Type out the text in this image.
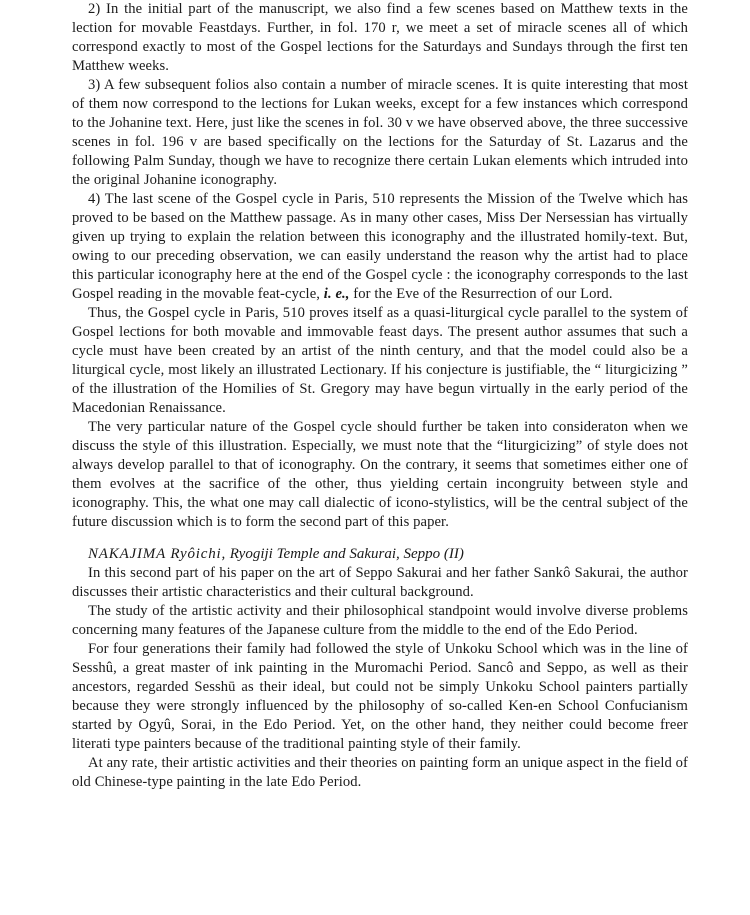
2) In the initial part of the manuscript, we also find a few scenes based on Matthew texts in the lection for movable Feastdays. Further, in fol. 170 r, we meet a set of miracle scenes all of which correspond exactly to most of the Gospel lections for the Saturdays and Sundays through the first ten Matthew weeks.

3) A few subsequent folios also contain a number of miracle scenes. It is quite interesting that most of them now correspond to the lections for Lukan weeks, except for a few instances which correspond to the Johanine text. Here, just like the scenes in fol. 30 v we have observed above, the three successive scenes in fol. 196 v are based specifically on the lections for the Saturday of St. Lazarus and the following Palm Sunday, though we have to recognize there certain Lukan elements which intruded into the original Johanine iconography.

4) The last scene of the Gospel cycle in Paris, 510 represents the Mission of the Twelve which has proved to be based on the Matthew passage. As in many other cases, Miss Der Nersessian has virtually given up trying to explain the relation between this iconography and the illustrated homily-text. But, owing to our preceding observation, we can easily understand the reason why the artist had to place this particular iconography here at the end of the Gospel cycle : the iconography corresponds to the last Gospel reading in the movable feat-cycle, i. e., for the Eve of the Resurrection of our Lord.

Thus, the Gospel cycle in Paris, 510 proves itself as a quasi-liturgical cycle parallel to the system of Gospel lections for both movable and immovable feast days. The present author assumes that such a cycle must have been created by an artist of the ninth century, and that the model could also be a liturgical cycle, most likely an illustrated Lectionary. If his conjecture is justifiable, the “ liturgicizing ” of the illustration of the Homilies of St. Gregory may have begun virtually in the early period of the Macedonian Renaissance.

The very particular nature of the Gospel cycle should further be taken into consideraton when we discuss the style of this illustration. Especially, we must note that the “liturgicizing” of style does not always develop parallel to that of iconography. On the contrary, it seems that sometimes either one of them evolves at the sacrifice of the other, thus yielding certain incongruity between style and iconography. This, the what one may call dialectic of icono-stylistics, will be the central subject of the future discussion which is to form the second part of this paper.

NAKAJIMA Ryôichi, Ryogiji Temple and Sakurai, Seppo (II)

In this second part of his paper on the art of Seppo Sakurai and her father Sankô Sakurai, the author discusses their artistic characteristics and their cultural background.

The study of the artistic activity and their philosophical standpoint would involve diverse problems concerning many features of the Japanese culture from the middle to the end of the Edo Period.

For four generations their family had followed the style of Unkoku School which was in the line of Sesshû, a great master of ink painting in the Muromachi Period. Sancô and Seppo, as well as their ancestors, regarded Sesshū as their ideal, but could not be simply Unkoku School painters partially because they were strongly influenced by the philosophy of so-called Ken-en School Confucianism started by Ogyû, Sorai, in the Edo Period. Yet, on the other hand, they neither could become freer literati type painters because of the traditional painting style of their family.

At any rate, their artistic activities and their theories on painting form an unique aspect in the field of old Chinese-type painting in the late Edo Period.
